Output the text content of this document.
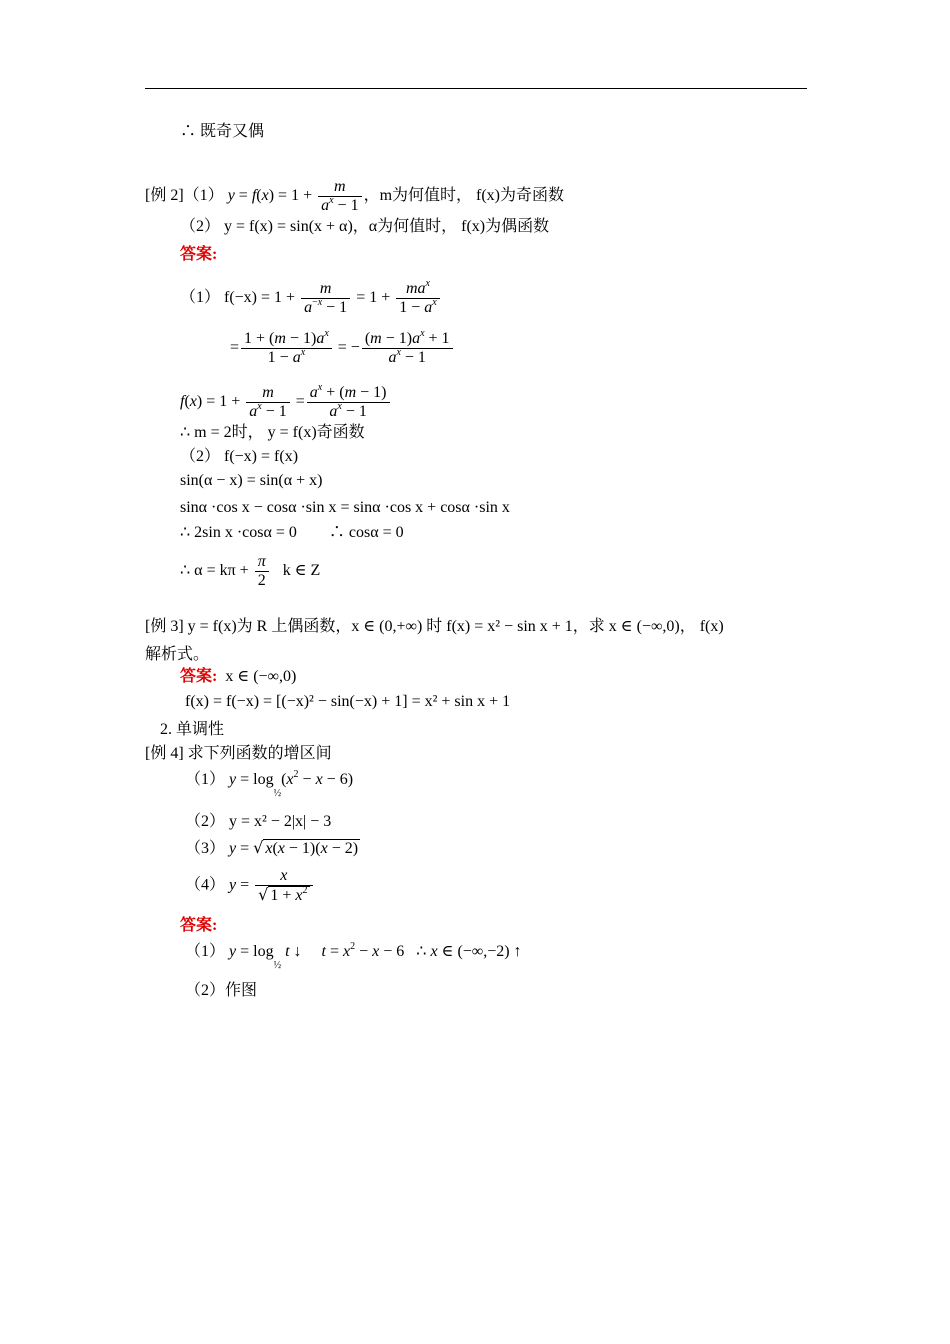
∴ 既奇又偶
[例 2]（1） $y = f(x) = 1 + \frac{m}{a^x - 1}$ ，m为何值时， f(x)为奇函数
（2） y = f(x) = sin(x + α)，α为何值时， f(x)为偶函数
答案:
（1） $f(-x) = 1 + \frac{m}{a^{-x} - 1} = 1$ +
$ma^x$
$1 - a^x$
= $\frac{1 + (m - 1)a^x}{1 - a^x}$ = − $\frac{(m - 1)a^x + 1}{a^x - 1}$
$f(x) = 1 + \frac{m}{a^x - 1} = \frac{a^x + (m - 1)}{a^x - 1}$
∴ m = 2时， y = f(x)奇函数
（2） f(−x) = f(x)
sin(α − x) = sin(α + x)
sinα ·cos x − cosα ·sin x = sinα ·cos x + cosα ·sin x
∴ 2sin x ·cosα = 0　　∴ cosα = 0
∴ $\alpha = k\pi + \frac{\pi}{2}$ k ∈ Z
[例 3] y = f(x)为 R 上偶函数，x ∈ (0,+∞) 时 f(x) = x² − sin x + 1，求 x ∈ (−∞,0)， f(x)
解析式。
答案: x ∈ (−∞,0)
f(x) = f(−x) = [(−x)² − sin(−x) + 1] = x² + sin x + 1
2. 单调性
[例 4] 求下列函数的增区间
（1） $y = \log_{\frac{1}{2}}(x^2 - x - 6)$
（2） y = x² − 2|x| − 3
（3） y = √ x(x − 1)(x − 2)
（4） $y = \frac{x}{√ 1 + x^2}$
答案:
（1） $y = \log_{\frac{1}{2}} t$ ↓     $t = x^2 - x - 6$   ∴ x ∈ (−∞,−2) ↑
（2）作图
